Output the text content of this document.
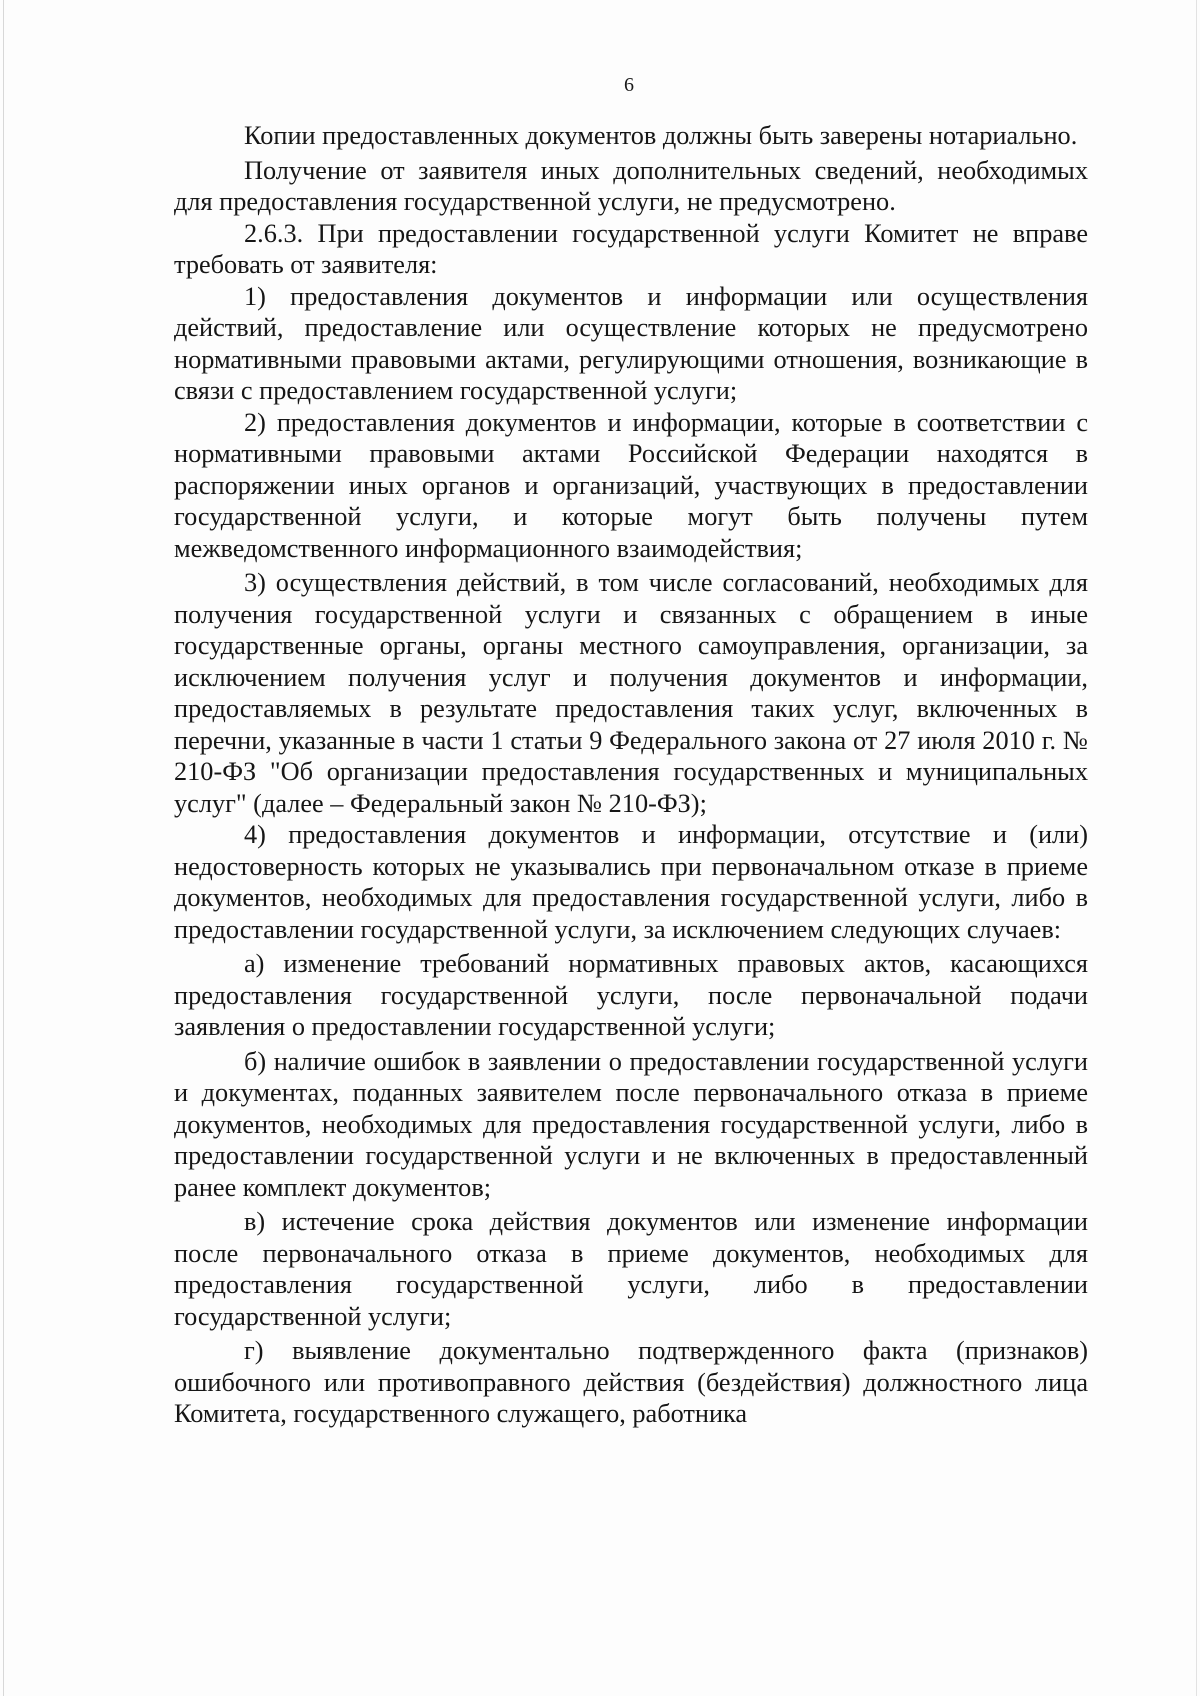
6

Копии предоставленных документов должны быть заверены нотариально.

Получение от заявителя иных дополнительных сведений, необходимых для предоставления государственной услуги, не предусмотрено.

2.6.3. При предоставлении государственной услуги Комитет не вправе требовать от заявителя:

1) предоставления документов и информации или осуществления действий, предоставление или осуществление которых не предусмотрено нормативными правовыми актами, регулирующими отношения, возникающие в связи с предоставлением государственной услуги;

2) предоставления документов и информации, которые в соответствии с нормативными правовыми актами Российской Федерации находятся в распоряжении иных органов и организаций, участвующих в предоставлении государственной услуги, и которые могут быть получены путем межведомственного информационного взаимодействия;

3) осуществления действий, в том числе согласований, необходимых для получения государственной услуги и связанных с обращением в иные государственные органы, органы местного самоуправления, организации, за исключением получения услуг и получения документов и информации, предоставляемых в результате предоставления таких услуг, включенных в перечни, указанные в части 1 статьи 9 Федерального закона от 27 июля 2010 г. № 210-ФЗ "Об организации предоставления государственных и муниципальных услуг" (далее – Федеральный закон № 210-ФЗ);

4) предоставления документов и информации, отсутствие и (или) недостоверность которых не указывались при первоначальном отказе в приеме документов, необходимых для предоставления государственной услуги, либо в предоставлении государственной услуги, за исключением следующих случаев:

а) изменение требований нормативных правовых актов, касающихся предоставления государственной услуги, после первоначальной подачи заявления о предоставлении государственной услуги;

б) наличие ошибок в заявлении о предоставлении государственной услуги и документах, поданных заявителем после первоначального отказа в приеме документов, необходимых для предоставления государственной услуги, либо в предоставлении государственной услуги и не включенных в предоставленный ранее комплект документов;

в) истечение срока действия документов или изменение информации после первоначального отказа в приеме документов, необходимых для предоставления государственной услуги, либо в предоставлении государственной услуги;

г) выявление документально подтвержденного факта (признаков) ошибочного или противоправного действия (бездействия) должностного лица Комитета, государственного служащего, работника
